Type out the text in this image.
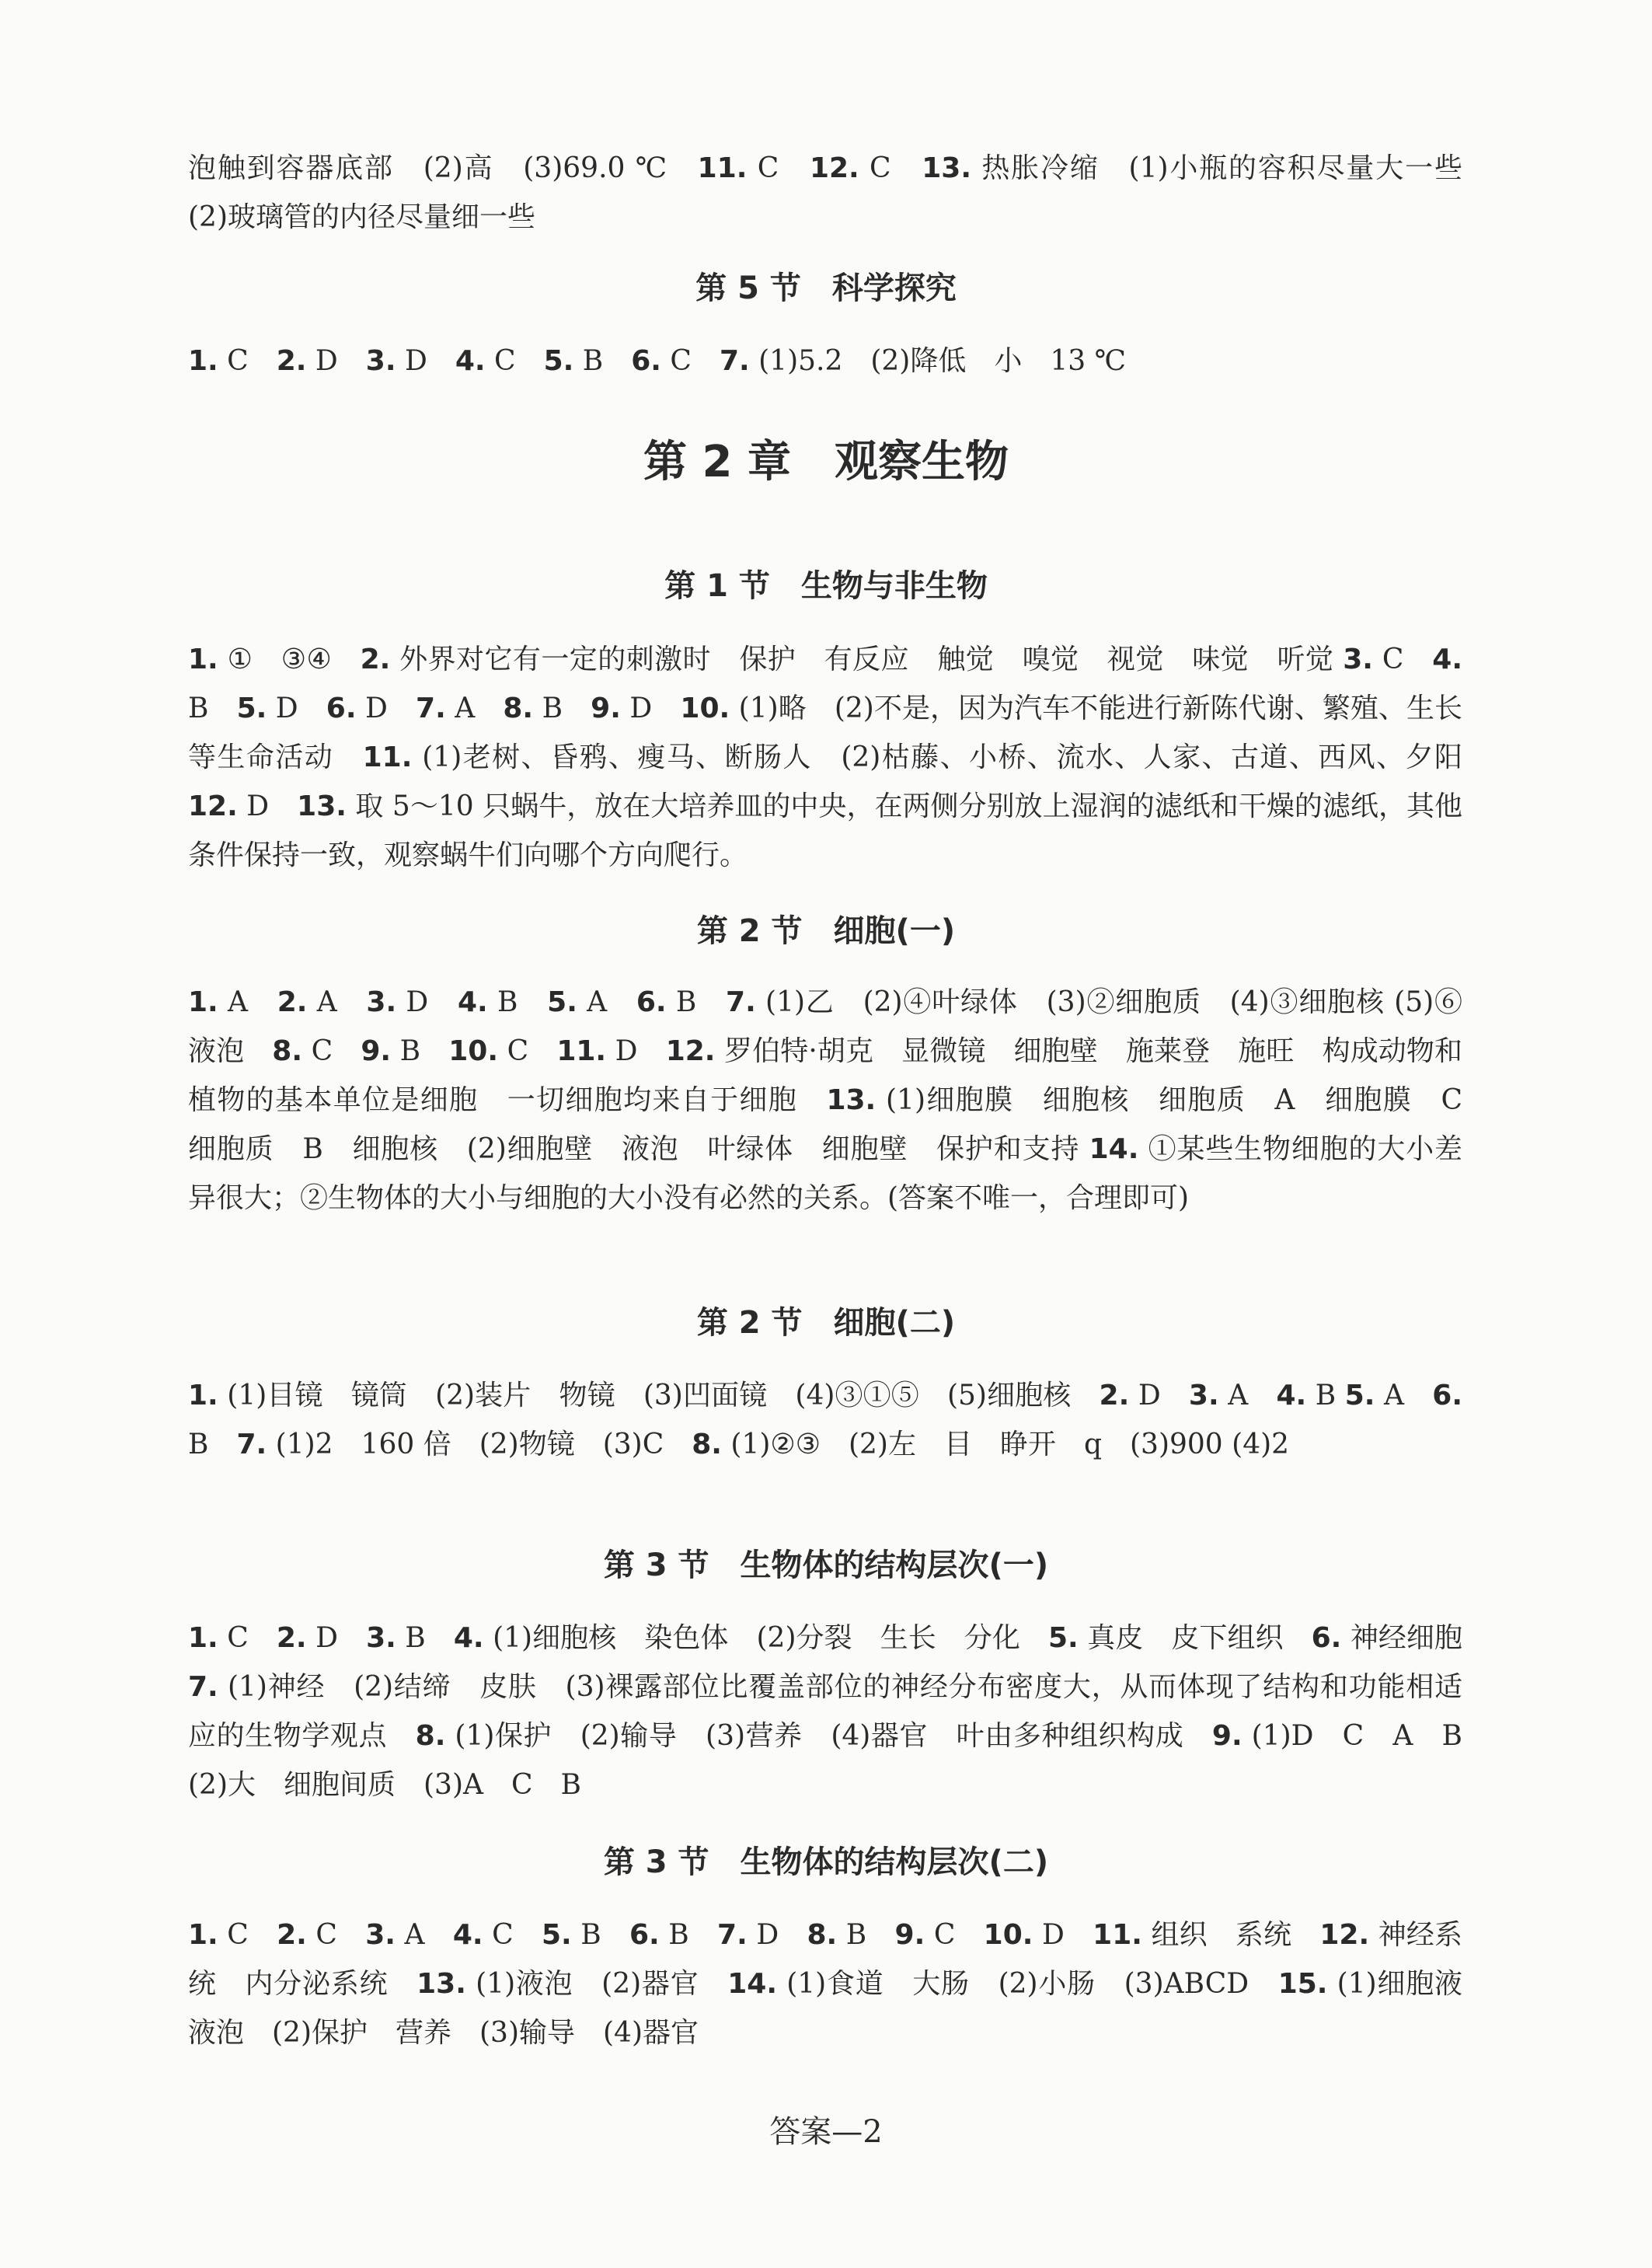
泡触到容器底部　(2)高　(3)69.0 ℃　11. C　12. C　13. 热胀冷缩　(1)小瓶的容积尽量大一些　(2)玻璃管的内径尽量细一些

第 5 节　科学探究

1. C　2. D　3. D　4. C　5. B　6. C　7. (1)5.2　(2)降低　小　13 ℃

第 2 章　观察生物
第 1 节　生物与非生物

1. ①　③④　2. 外界对它有一定的刺激时　保护　有反应　触觉　嗅觉　视觉　味觉　听觉 3. C　4. B　5. D　6. D　7. A　8. B　9. D　10. (1)略　(2)不是，因为汽车不能进行新陈代谢、繁殖、生长等生命活动　11. (1)老树、昏鸦、瘦马、断肠人　(2)枯藤、小桥、流水、人家、古道、西风、夕阳　12. D　13. 取 5～10 只蜗牛，放在大培养皿的中央，在两侧分别放上湿润的滤纸和干燥的滤纸，其他条件保持一致，观察蜗牛们向哪个方向爬行。

第 2 节　细胞(一)

1. A　2. A　3. D　4. B　5. A　6. B　7. (1)乙　(2)④叶绿体　(3)②细胞质　(4)③细胞核 (5)⑥液泡　8. C　9. B　10. C　11. D　12. 罗伯特·胡克　显微镜　细胞壁　施莱登　施旺　构成动物和植物的基本单位是细胞　一切细胞均来自于细胞　13. (1)细胞膜　细胞核　细胞质　A　细胞膜　C　细胞质　B　细胞核　(2)细胞壁　液泡　叶绿体　细胞壁　保护和支持 14. ①某些生物细胞的大小差异很大；②生物体的大小与细胞的大小没有必然的关系。(答案不唯一，合理即可)

第 2 节　细胞(二)

1. (1)目镜　镜筒　(2)装片　物镜　(3)凹面镜　(4)③①⑤　(5)细胞核　2. D　3. A　4. B 5. A　6. B　7. (1)2　160 倍　(2)物镜　(3)C　8. (1)②③　(2)左　目　睁开　q　(3)900 (4)2

第 3 节　生物体的结构层次(一)

1. C　2. D　3. B　4. (1)细胞核　染色体　(2)分裂　生长　分化　5. 真皮　皮下组织　6. 神经细胞　7. (1)神经　(2)结缔　皮肤　(3)裸露部位比覆盖部位的神经分布密度大，从而体现了结构和功能相适应的生物学观点　8. (1)保护　(2)输导　(3)营养　(4)器官　叶由多种组织构成　9. (1)D　C　A　B　(2)大　细胞间质　(3)A　C　B

第 3 节　生物体的结构层次(二)

1. C　2. C　3. A　4. C　5. B　6. B　7. D　8. B　9. C　10. D　11. 组织　系统　12. 神经系统　内分泌系统　13. (1)液泡　(2)器官　14. (1)食道　大肠　(2)小肠　(3)ABCD　15. (1)细胞液　液泡　(2)保护　营养　(3)输导　(4)器官

答案—2
